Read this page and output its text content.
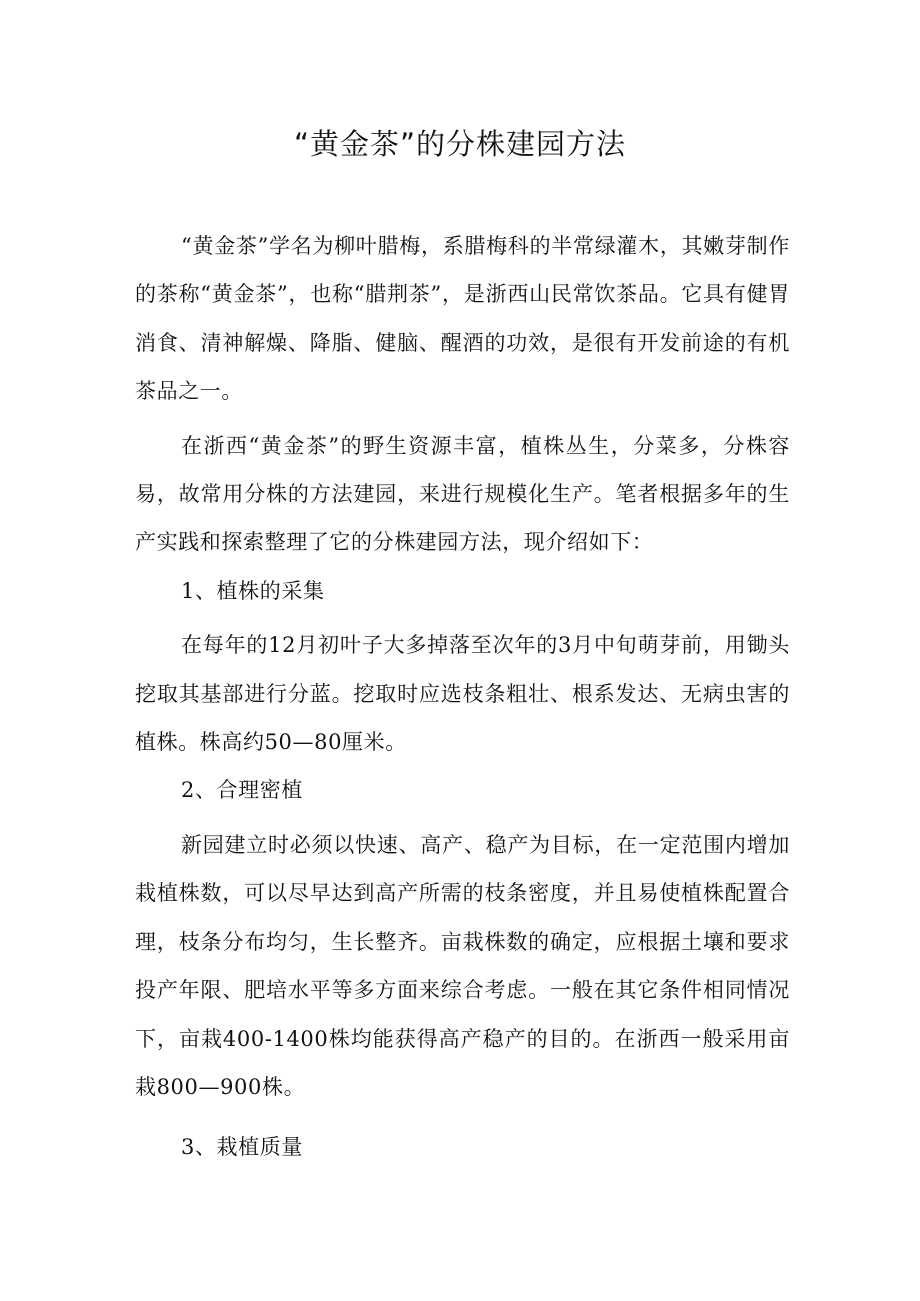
“黄金茶”的分株建园方法

“黄金茶”学名为柳叶腊梅，系腊梅科的半常绿灌木，其嫩芽制作的茶称“黄金茶”，也称“腊荆茶”，是浙西山民常饮茶品。它具有健胃消食、清神解燥、降脂、健脑、醒酒的功效，是很有开发前途的有机茶品之一。

在浙西“黄金茶”的野生资源丰富，植株丛生，分菜多，分株容易，故常用分株的方法建园，来进行规模化生产。笔者根据多年的生产实践和探索整理了它的分株建园方法，现介绍如下：

1、植株的采集

在每年的12月初叶子大多掉落至次年的3月中旬萌芽前，用锄头挖取其基部进行分蓝。挖取时应选枝条粗壮、根系发达、无病虫害的植株。株高约50—80厘米。

2、合理密植

新园建立时必须以快速、高产、稳产为目标，在一定范围内增加栽植株数，可以尽早达到高产所需的枝条密度，并且易使植株配置合理，枝条分布均匀，生长整齐。亩栽株数的确定，应根据土壤和要求投产年限、肥培水平等多方面来综合考虑。一般在其它条件相同情况下，亩栽400-1400株均能获得高产稳产的目的。在浙西一般采用亩栽800—900株。

3、栽植质量
